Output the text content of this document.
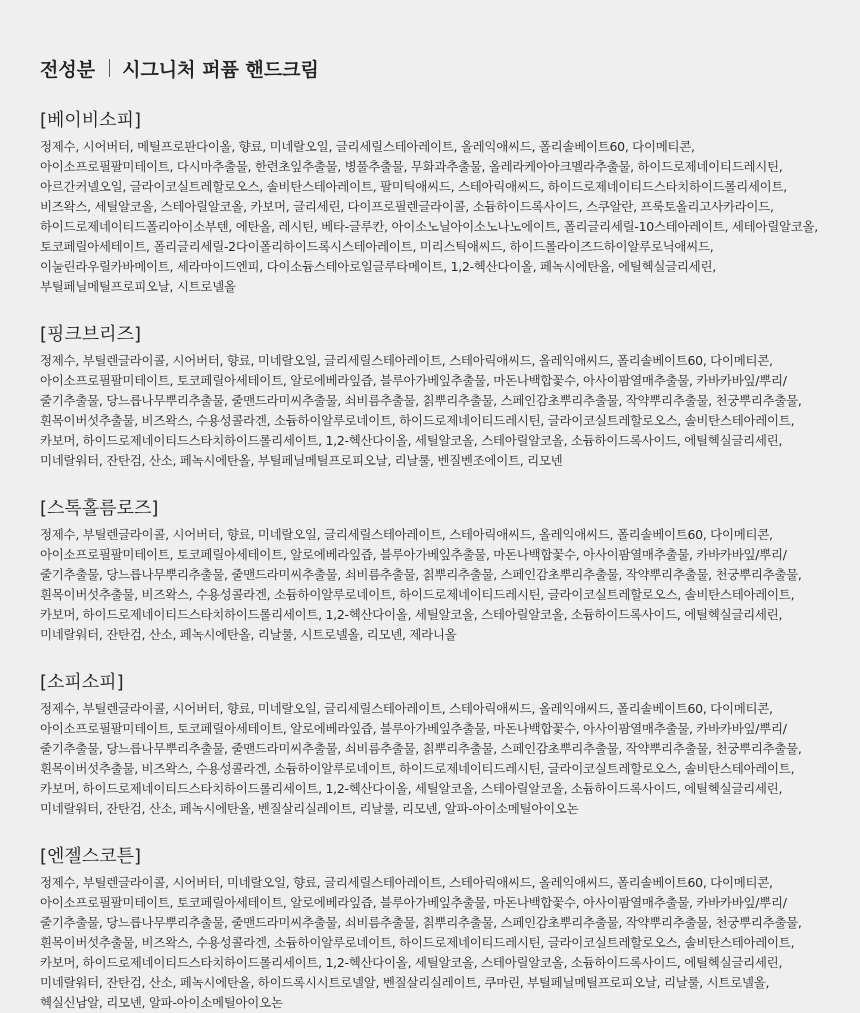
전성분 시그니처 퍼퓸 핸드크림
[베이비소피]

정제수, 시어버터, 메틸프로판다이올, 향료, 미네랄오일, 글리세릴스테아레이트, 올레익애씨드, 폴리솔베이트60, 다이메티콘, 아이소프로필팔미테이트, 다시마추출물, 한련초잎추출물, 병풀추출물, 무화과추출물, 올레라케아아크멜라추출물, 하이드로제네이티드레시틴, 아르간커넬오일, 글라이코실트레할로오스, 솔비탄스테아레이트, 팔미틱애씨드, 스테아릭애씨드, 하이드로제네이티드스타치하이드롤리세이트, 비즈왁스, 세틸알코올, 스테아릴알코올, 카보머, 글리세린, 다이프로필렌글라이콜, 소듐하이드록사이드, 스쿠알란, 프룩토올리고사카라이드, 하이드로제네이티드폴리아이소부텐, 에탄올, 레시틴, 베타-글루칸, 아이소노닐아이소노나노에이트, 폴리글리세릴-10스테아레이트, 세테아릴알코올, 토코페릴아세테이트, 폴리글리세릴-2다이폴리하이드록시스테아레이트, 미리스틱애씨드, 하이드롤라이즈드하이알루로닉애씨드, 이눌린라우릴카바메이트, 세라마이드엔피, 다이소듐스테아로일글루타메이트, 1,2-헥산다이올, 페녹시에탄올, 에틸헥실글리세린, 부틸페닐메틸프로피오날, 시트로넬올

[핑크브리즈]

정제수, 부틸렌글라이콜, 시어버터, 향료, 미네랄오일, 글리세릴스테아레이트, 스테아릭애씨드, 올레익애씨드, 폴리솔베이트60, 다이메티콘, 아이소프로필팔미테이트, 토코페릴아세테이트, 알로에베라잎즙, 블루아가베잎추출물, 마돈나백합꽃수, 아사이팜열매추출물, 카바카바잎/뿌리/줄기추출물, 당느릅나무뿌리추출물, 줄맨드라미씨추출물, 쇠비름추출물, 칡뿌리추출물, 스페인감초뿌리추출물, 작약뿌리추출물, 천궁뿌리추출물, 흰목이버섯추출물, 비즈왁스, 수용성콜라겐, 소듐하이알루로네이트, 하이드로제네이티드레시틴, 글라이코실트레할로오스, 솔비탄스테아레이트, 카보머, 하이드로제네이티드스타치하이드롤리세이트, 1,2-헥산다이올, 세틸알코올, 스테아릴알코올, 소듐하이드록사이드, 에틸헥실글리세린, 미네랄워터, 잔탄검, 산소, 페녹시에탄올, 부틸페닐메틸프로피오날, 리날룰, 벤질벤조에이트, 리모넨

[스톡홀름로즈]

정제수, 부틸렌글라이콜, 시어버터, 향료, 미네랄오일, 글리세릴스테아레이트, 스테아릭애씨드, 올레익애씨드, 폴리솔베이트60, 다이메티콘, 아이소프로필팔미테이트, 토코페릴아세테이트, 알로에베라잎즙, 블루아가베잎추출물, 마돈나백합꽃수, 아사이팜열매추출물, 카바카바잎/뿌리/줄기추출물, 당느릅나무뿌리추출물, 줄맨드라미씨추출물, 쇠비름추출물, 칡뿌리추출물, 스페인감초뿌리추출물, 작약뿌리추출물, 천궁뿌리추출물, 흰목이버섯추출물, 비즈왁스, 수용성콜라겐, 소듐하이알루로네이트, 하이드로제네이티드레시틴, 글라이코실트레할로오스, 솔비탄스테아레이트, 카보머, 하이드로제네이티드스타치하이드롤리세이트, 1,2-헥산다이올, 세틸알코올, 스테아릴알코올, 소듐하이드록사이드, 에틸헥실글리세린, 미네랄워터, 잔탄검, 산소, 페녹시에탄올, 리날룰, 시트로넬올, 리모넨, 제라니올

[소피소피]

정제수, 부틸렌글라이콜, 시어버터, 향료, 미네랄오일, 글리세릴스테아레이트, 스테아릭애씨드, 올레익애씨드, 폴리솔베이트60, 다이메티콘, 아이소프로필팔미테이트, 토코페릴아세테이트, 알로에베라잎즙, 블루아가베잎추출물, 마돈나백합꽃수, 아사이팜열매추출물, 카바카바잎/뿌리/줄기추출물, 당느릅나무뿌리추출물, 줄맨드라미씨추출물, 쇠비름추출물, 칡뿌리추출물, 스페인감초뿌리추출물, 작약뿌리추출물, 천궁뿌리추출물, 흰목이버섯추출물, 비즈왁스, 수용성콜라겐, 소듐하이알루로네이트, 하이드로제네이티드레시틴, 글라이코실트레할로오스, 솔비탄스테아레이트, 카보머, 하이드로제네이티드스타치하이드롤리세이트, 1,2-헥산다이올, 세틸알코올, 스테아릴알코올, 소듐하이드록사이드, 에틸헥실글리세린, 미네랄워터, 잔탄검, 산소, 페녹시에탄올, 벤질살리실레이트, 리날룰, 리모넨, 알파-아이소메틸아이오논

[엔젤스코튼]

정제수, 부틸렌글라이콜, 시어버터, 미네랄오일, 향료, 글리세릴스테아레이트, 스테아릭애씨드, 올레익애씨드, 폴리솔베이트60, 다이메티콘, 아이소프로필팔미테이트, 토코페릴아세테이트, 알로에베라잎즙, 블루아가베잎추출물, 마돈나백합꽃수, 아사이팜열매추출물, 카바카바잎/뿌리/줄기추출물, 당느릅나무뿌리추출물, 줄맨드라미씨추출물, 쇠비름추출물, 칡뿌리추출물, 스페인감초뿌리추출물, 작약뿌리추출물, 천궁뿌리추출물, 흰목이버섯추출물, 비즈왁스, 수용성콜라겐, 소듐하이알루로네이트, 하이드로제네이티드레시틴, 글라이코실트레할로오스, 솔비탄스테아레이트, 카보머, 하이드로제네이티드스타치하이드롤리세이트, 1,2-헥산다이올, 세틸알코올, 스테아릴알코올, 소듐하이드록사이드, 에틸헥실글리세린, 미네랄워터, 잔탄검, 산소, 페녹시에탄올, 하이드록시시트로넬알, 벤질살리실레이트, 쿠마린, 부틸페닐메틸프로피오날, 리날룰, 시트로넬올, 헥실신남알, 리모넨, 알파-아이소메틸아이오논
